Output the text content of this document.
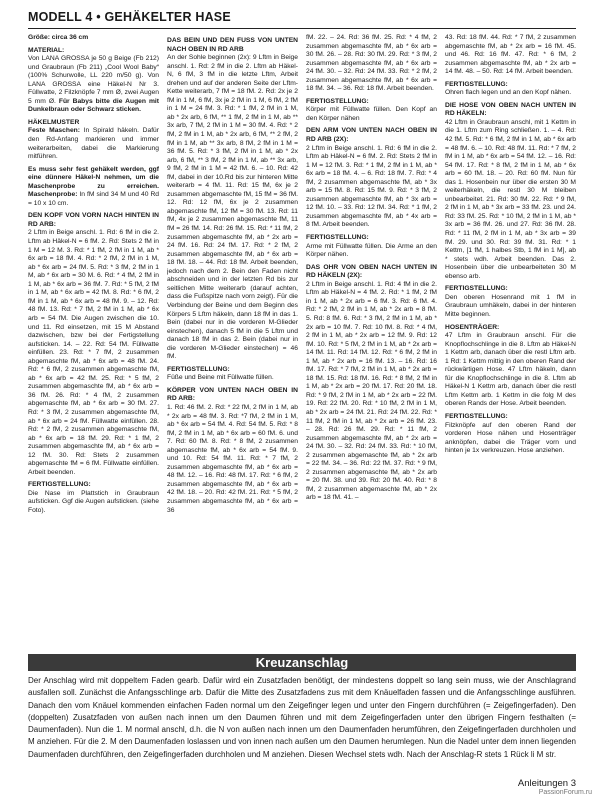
MODELL 4 • GEHÄKELTER HASE

Größe: circa 36 cm

MATERIAL:

Von LANA GROSSA je 50 g Beige (Fb 212) und Graubraun (Fb 211) „Cool Wool Baby“ (100% Schurwolle, LL 220 m/50 g). Von LANA GROSSA eine Häkel-N Nr 3. Füllwatte, 2 Filzknöpfe 7 mm Ø, zwei Augen 5 mm Ø. Für Babys bitte die Augen mit Dunkelbraun oder Schwarz sticken.

HÄKELMUSTER

Feste Maschen: In Spirald häkeln. Dafür den Rd-Anfang markieren und immer weiterarbeiten, dabei die Markierung mitführen.

Es muss sehr fest gehäkelt werden, ggf eine dünnere Häkel-N nehmen, um die Maschenprobe zu erreichen. Maschenprobe: In fM sind 34 M und 40 Rd = 10 x 10 cm.

DEN KOPF VON VORN NACH HINTEN IN RD ARB:

2 Lftm in Beige anschl. 1. Rd: 6 fM in die 2. Lftm ab Häkel-N = 6 fM. 2. Rd: Stets 2 fM in 1 M = 12 M. 3. Rd: * 1 fM, 2 fM in 1 M, ab * 6x arb = 18 fM. 4. Rd: * 2 fM, 2 fM in 1 M, ab * 6x arb = 24 fM. 5. Rd: * 3 fM, 2 fM in 1 M, ab * 6x arb = 30 M. 6. Rd: * 4 fM, 2 fM in 1 M, ab * 6x arb = 36 fM. 7. Rd: * 5 fM, 2 fM in 1 M, ab * 6x arb = 42 fM. 8. Rd: * 6 fM, 2 fM in 1 M, ab * 6x arb = 48 fM. 9. – 12. Rd: 48 fM. 13. Rd: * 7 fM, 2 fM in 1 M, ab * 6x arb = 54 fM. Die Augen zwischen die 10. und 11. Rd einsetzen, mit 15 M Abstand dazwischen, bzw bei der Fertigstellung aufsticken. 14. – 22. Rd: 54 fM. Füllwatte einfüllen. 23. Rd: * 7 fM, 2 zusammen abgemaschte fM, ab * 6x arb = 48 fM. 24. Rd: * 6 fM, 2 zusammen abgemaschte fM, ab * 6x arb = 42 fM. 25. Rd: * 5 fM, 2 zusammen abgemaschte fM, ab * 6x arb = 36 fM. 26. Rd: * 4 fM, 2 zusammen abgemaschte fM, ab * 6x arb = 30 fM. 27. Rd: * 3 fM, 2 zusammen abgemaschte fM, ab * 6x arb = 24 fM. Füllwatte einfüllen. 28. Rd: * 2 fM, 2 zusammen abgemaschte fM, ab * 6x arb = 18 fM. 29. Rd: * 1 fM, 2 zusammen abgemaschte fM, ab * 6x arb = 12 fM. 30. Rd: Stets 2 zusammen abgemaschte fM = 6 fM. Füllwatte einfüllen. Arbeit beenden.

FERTIGSTELLUNG:

Die Nase im Plattstich in Graubraun aufsticken. Ggf die Augen aufsticken. (siehe Foto).

DAS BEIN UND DEN FUSS VON UNTEN NACH OBEN IN RD ARB

An der Sohle beginnen (2x): 9 Lftm in Beige anschl. 1. Rd: 2 fM in die 2. Lftm ab Häkel-N, 6 fM, 3 fM in die letzte Lftm, Arbeit drehen und auf der anderen Seite der Lftm-Kette weiterarb, 7 fM = 18 fM. 2. Rd: 2x je 2 fM in 1 M, 6 fM, 3x je 2 fM in 1 M, 6 fM, 2 fM in 1 M = 24 fM. 3. Rd: * 1 fM, 2 fM in 1 M, ab * 2x arb, 6 fM, ** 1 fM, 2 fM in 1 M, ab ** 3x arb, 7 fM, 2 fM in 1 M = 30 fM. 4. Rd: * 2 fM, 2 fM in 1 M, ab * 2x arb, 6 fM, ** 2 fM, 2 fM in 1 M, ab ** 3x arb, 8 fM, 2 fM in 1 M = 36 fM. 5. Rd: * 3 fM, 2 fM in 1 M, ab * 2x arb, 6 fM, ** 3 fM, 2 fM in 1 M, ab ** 3x arb, 9 fM, 2 fM in 1 M = 42 fM. 6. – 10. Rd: 42 fM, dabei in der 10.Rd bis zur hinteren Mitte weiterarb = 4 fM. 11. Rd: 15 fM, 6x je 2 zusammen abgemaschte fM, 15 fM = 36 fM. 12. Rd: 12 fM, 6x je 2 zusammen abgemaschte fM, 12 fM = 30 fM. 13. Rd: 11 fM, 4x je 2 zusammen abgemaschte fM, 11 fM = 26 fM. 14. Rd: 26 fM. 15. Rd: * 11 fM, 2 zusammen abgemaschte fM, ab * 2x arb = 24 fM. 16. Rd: 24 fM. 17. Rd: * 2 fM, 2 zusammen abgemaschte fM, ab * 6x arb = 18 fM. 18. – 44. Rd: 18 fM. Arbeit beenden, jedoch nach dem 2. Bein den Faden nicht abschneiden und in der letzten Rd bis zur seitlichen Mitte weiterarb (darauf achten, dass die Fußspitze nach vorn zeigt). Für die Verbindung der Beine und dem Beginn des Körpers 5 Lftm häkeln, dann 18 fM in das 1. Bein (dabei nur in die vorderen M-Glieder einstechen), danach 5 fM in die 5 Lftm und danach 18 fM in das 2. Bein (dabei nur in die vorderen M-Glieder einstechen) = 46 fM.

FERTIGSTELLUNG:

Füße und Beine mit Füllwatte füllen.

KÖRPER VON UNTEN NACH OBEN IN RD ARB:

1. Rd: 46 fM. 2. Rd: * 22 fM, 2 fM in 1 M, ab * 2x arb = 48 fM. 3. Rd: *7 fM, 2 fM in 1 M, ab * 6x arb = 54 fM. 4. Rd: 54 fM. 5. Rd: * 8 fM, 2 fM in 1 M, ab * 6x arb = 60 fM. 6. und 7. Rd: 60 fM. 8. Rd: * 8 fM, 2 zusammen abgemaschte fM, ab * 6x arb = 54 fM. 9. und 10. Rd: 54 fM. 11. Rd: * 7 fM, 2 zusammen abgemaschte fM, ab * 6x arb = 48 fM. 12. – 16. Rd: 48 fM. 17. Rd: * 6 fM, 2 zusammen abgemaschte fM, ab * 6x arb = 42 fM. 18. – 20. Rd: 42 fM. 21. Rd: * 5 fM, 2 zusammen abgemaschte fM, ab * 6x arb = 36

fM. 22. – 24. Rd: 36 fM. 25. Rd: * 4 fM, 2 zusammen abgemaschte fM, ab * 6x arb = 30 fM. 26. – 28. Rd: 30 fM. 29. Rd: * 3 fM, 2 zusammen abgemaschte fM, ab * 6x arb = 24 fM. 30. – 32. Rd: 24 fM. 33. Rd: * 2 fM, 2 zusammen abgemaschte fM, ab * 6x arb = 18 fM. 34. – 36. Rd: 18 fM. Arbeit beenden.

FERTIGSTELLUNG:

Körper mit Füllwatte füllen. Den Kopf an den Körper nähen

DEN ARM VON UNTEN NACH OBEN IN RD ARB (2X):

2 Lftm in Beige anschl. 1. Rd: 6 fM in die 2. Lftm ab Häkel-N = 6 fM. 2. Rd: Stets 2 fM in 1 M = 12 fM. 3. Rd: * 1 fM, 2 fM in 1 M, ab * 6x arb = 18 fM. 4. – 6. Rd: 18 fM. 7. Rd: * 4 fM, 2 zusammen abgemaschte fM, ab * 3x arb = 15 fM. 8. Rd: 15 fM. 9. Rd: * 3 fM, 2 zusammen abgemaschte fM, ab * 3x arb = 12 fM. 10. – 33. Rd: 12 fM. 34. Rd: * 1 fM, 2 zusammen abgemaschte fM, ab * 4x arb = 8 fM. Arbeit beenden.

FERTIGSTELLUNG:

Arme mit Füllwatte füllen. Die Arme an den Körper nähen.

DAS OHR VON OBEN NACH UNTEN IN RD HÄKELN (2X):

2 Lftm in Beige anschl. 1. Rd: 4 fM in die 2. Lftm ab Häkel-N = 4 fM. 2. Rd: * 1 fM, 2 fM in 1 M, ab * 2x arb = 6 fM. 3. Rd: 6 fM. 4. Rd: * 2 fM, 2 fM in 1 M, ab * 2x arb = 8 fM. 5. Rd: 8 fM. 6. Rd: * 3 fM, 2 fM in 1 M, ab * 2x arb = 10 fM. 7. Rd: 10 fM. 8. Rd: * 4 fM, 2 fM in 1 M, ab * 2x arb = 12 fM. 9. Rd: 12 fM. 10. Rd: * 5 fM, 2 fM in 1 M, ab * 2x arb = 14 fM. 11. Rd: 14 fM. 12. Rd: * 6 fM, 2 fM in 1 M, ab * 2x arb = 16 fM. 13. – 16. Rd: 16 fM. 17. Rd: * 7 fM, 2 fM in 1 M, ab * 2x arb = 18 fM. 15. Rd: 18 fM. 16. Rd: * 8 fM, 2 fM in 1 M, ab * 2x arb = 20 fM. 17. Rd: 20 fM. 18. Rd: * 9 fM, 2 fM in 1 M, ab * 2x arb = 22 fM. 19. Rd: 22 fM. 20. Rd: * 10 fM, 2 fM in 1 M, ab * 2x arb = 24 fM. 21. Rd: 24 fM. 22. Rd: * 11 fM, 2 fM in 1 M, ab * 2x arb = 26 fM. 23. – 28. Rd: 26 fM. 29. Rd: * 11 fM, 2 zusammen abgemaschte fM, ab * 2x arb = 24 fM. 30. – 32. Rd: 24 fM. 33. Rd: * 10 fM, 2 zusammen abgemaschte fM, ab * 2x arb = 22 fM. 34. – 36. Rd: 22 fM. 37. Rd: * 9 fM, 2 zusammen abgemaschte fM, ab * 2x arb = 20 fM. 38. und 39. Rd: 20 fM. 40. Rd: * 8 fM, 2 zusammen abgemaschte fM, ab * 2x arb = 18 fM. 41. –

43. Rd: 18 fM. 44. Rd: * 7 fM, 2 zusammen abgemaschte fM, ab * 2x arb = 16 fM. 45. und 46. Rd: 16 fM. 47. Rd: * 6 fM, 2 zusammen abgemaschte fM, ab * 2x arb = 14 fM. 48. – 50. Rd: 14 fM. Arbeit beenden.

FERTIGSTELLUNG:

Ohren flach legen und an den Kopf nähen.

DIE HOSE VON OBEN NACH UNTEN IN RD HÄKELN:

42 Lftm in Graubraun anschl, mit 1 Kettm in die 1. Lftm zum Ring schließen. 1. – 4. Rd: 42 fM. 5. Rd: * 6 fM, 2 fM in 1 M, ab * 6x arb = 48 fM. 6. – 10. Rd: 48 fM. 11. Rd: * 7 fM, 2 fM in 1 M, ab * 6x arb = 54 fM. 12. – 16. Rd: 54 fM. 17. Rd: * 8 fM, 2 fM in 1 M, ab * 6x arb = 60 fM. 18. – 20. Rd: 60 fM. Nun für das 1. Hosenbein nur über die ersten 30 M weiterhäkeln, die restl 30 M bleiben unbearbeitet. 21. Rd: 30 fM. 22. Rd: * 9 fM, 2 fM in 1 M, ab * 3x arb = 33 fM. 23. und 24. Rd: 33 fM. 25. Rd: * 10 fM, 2 fM in 1 M, ab * 3x arb = 36 fM. 26. und 27. Rd: 36 fM. 28. Rd: * 11 fM, 2 fM in 1 M, ab * 3x arb = 39 fM. 29. und 30. Rd: 39 fM. 31. Rd: * 1 Kettm, [1 fM, 1 halbes Stb, 1 fM in 1 M], ab * stets wdh. Arbeit beenden. Das 2. Hosenbein über die unbearbeiteten 30 M ebenso arb.

FERTIGSTELLUNG:

Den oberen Hosenrand mit 1 fM in Graubraun umhäkeln, dabei in der hinteren Mitte beginnen.

HOSENTRÄGER:

47 Lftm in Graubraun anschl. Für die Knopflochschlinge in die 8. Lftm ab Häkel-N 1 Kettm arb, danach über die restl Lftm arb. 1 Rd: 1 Kettm mittig in den oberen Rand der rückwärtigen Hose. 47 Lftm häkeln, dann für die Knopflochschlinge in die 8. Lftm ab Häkel-N 1 Kettm arb, danach über die restl Lftm Kettm arb. 1 Kettm in die folg M des oberen Rands der Hose. Arbeit beenden.

FERTIGSTELLUNG:

Filzknöpfe auf den oberen Rand der vorderen Hose nähen und Hosenträger anknöpfen, dabei die Träger vorn und hinten je 1x verkreuzen. Hose anziehen.

Kreuzanschlag
Der Anschlag wird mit doppeltem Faden gearb. Dafür wird ein Zusatzfaden benötigt, der mindestens doppelt so lang sein muss, wie der Anschlagrand ausfallen soll. Zunächst die Anfangsschlinge arb. Dafür die Mitte des Zusatzfadens zus mit dem Knäuelfaden fassen und die Anfangsschlinge ausführen. Danach den vom Knäuel kommenden einfachen Faden normal um den Zeigefinger legen und unter den Fingern durchführen (= Zeigefingerfaden). Den (doppelten) Zusatzfaden von außen nach innen um den Daumen führen und mit dem Zeigefingerfaden unter den übrigen Fingern festhalten (= Daumenfaden). Nun die 1. M normal anschl, d.h. die N von außen nach innen um den Daumenfaden herumführen, den Zeigefingerfaden durchholen und M anziehen. Für die 2. M den Daumenfaden loslassen und von innen nach außen um den Daumen herumlegen. Nun die Nadel unter dem innen liegenden Daumenfaden durchführen, den Zeigefingerfaden durchholen und M anziehen. Diesen Wechsel stets wdh. Nach der Anschlag-R stets 1 Rück li M str.
Anleitungen 3
PassionForum.ru
